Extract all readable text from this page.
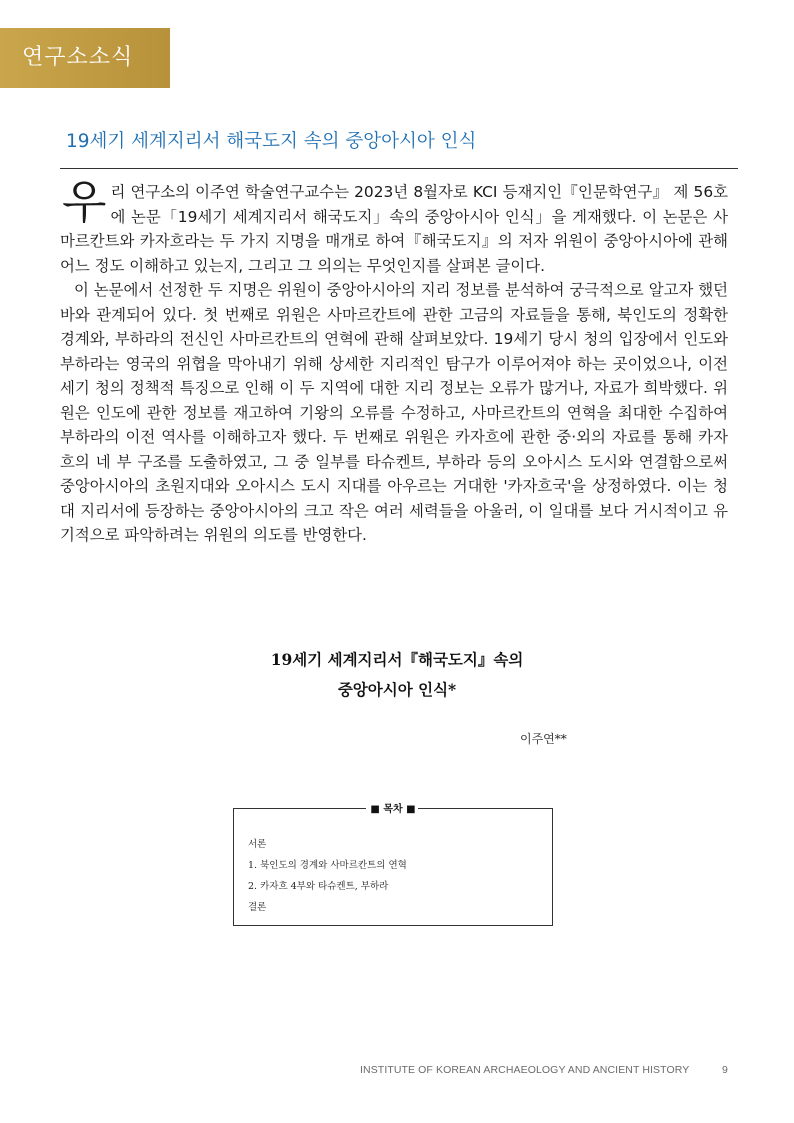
연구소소식
19세기 세계지리서 해국도지 속의 중앙아시아 인식

우리 연구소의 이주연 학술연구교수는 2023년 8월자로 KCI 등재지인『인문학연구』 제 56호에 논문「19세기 세계지리서 해국도지」속의 중앙아시아 인식」을 게재했다. 이 논문은 사마르칸트와 카자흐라는 두 가지 지명을 매개로 하여『해국도지』의 저자 위원이 중앙아시아에 관해 어느 정도 이해하고 있는지, 그리고 그 의의는 무엇인지를 살펴본 글이다.

이 논문에서 선정한 두 지명은 위원이 중앙아시아의 지리 정보를 분석하여 궁극적으로 알고자 했던 바와 관계되어 있다. 첫 번째로 위원은 사마르칸트에 관한 고금의 자료들을 통해, 북인도의 정확한 경계와, 부하라의 전신인 사마르칸트의 연혁에 관해 살펴보았다. 19세기 당시 청의 입장에서 인도와 부하라는 영국의 위협을 막아내기 위해 상세한 지리적인 탐구가 이루어져야 하는 곳이었으나, 이전 세기 청의 정책적 특징으로 인해 이 두 지역에 대한 지리 정보는 오류가 많거나, 자료가 희박했다. 위원은 인도에 관한 정보를 재고하여 기왕의 오류를 수정하고, 사마르칸트의 연혁을 최대한 수집하여 부하라의 이전 역사를 이해하고자 했다. 두 번째로 위원은 카자흐에 관한 중·외의 자료를 통해 카자흐의 네 부 구조를 도출하였고, 그 중 일부를 타슈켄트, 부하라 등의 오아시스 도시와 연결함으로써 중앙아시아의 초원지대와 오아시스 도시 지대를 아우르는 거대한 '카자흐국'을 상정하였다. 이는 청대 지리서에 등장하는 중앙아시아의 크고 작은 여러 세력들을 아울러, 이 일대를 보다 거시적이고 유기적으로 파악하려는 위원의 의도를 반영한다.

19세기 세계지리서『해국도지』속의
중앙아시아 인식*
이주연**
■ 목차 ■
서론
1. 북인도의 경계와 사마르칸트의 연혁
2. 카자흐 4부와 타슈켄트, 부하라
결론
INSTITUTE OF KOREAN ARCHAEOLOGY AND ANCIENT HISTORY	9
